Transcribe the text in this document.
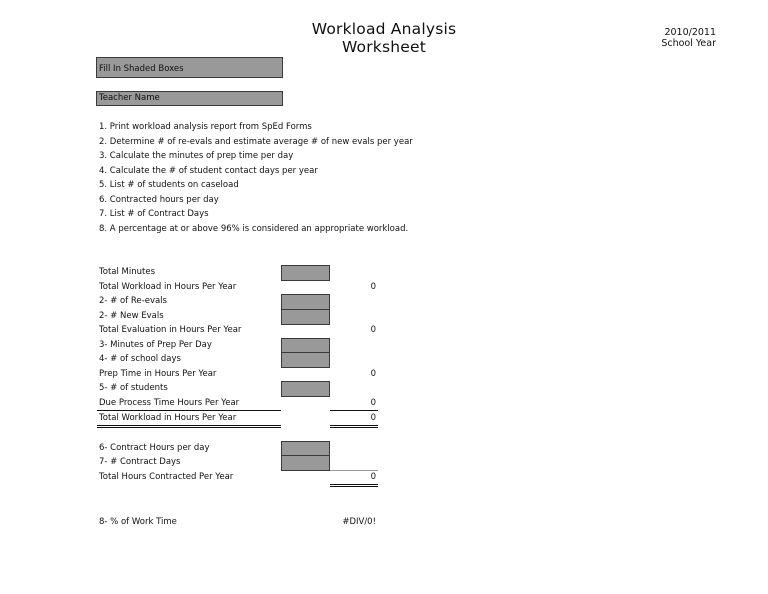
Workload Analysis
Worksheet
2010/2011
School Year
Fill In Shaded Boxes
Teacher Name
1. Print workload analysis report from SpEd Forms
2. Determine # of re-evals and estimate average # of new evals per year
3. Calculate the minutes of prep time per day
4. Calculate the # of student contact days per year
5. List # of students on caseload
6. Contracted hours per day
7. List # of Contract Days
8. A percentage at or above 96% is considered an appropriate workload.
Total Minutes
Total Workload in Hours Per Year	0
2- # of Re-evals
2- # New Evals
Total Evaluation in Hours Per Year	0
3- Minutes of Prep Per Day
4- # of school days
Prep Time in Hours Per Year	0
5- # of students
Due Process Time Hours Per Year	0
Total Workload in Hours Per Year	0
6- Contract Hours per day
7- # Contract Days
Total Hours Contracted Per Year	0
8- % of Work Time	#DIV/0!
